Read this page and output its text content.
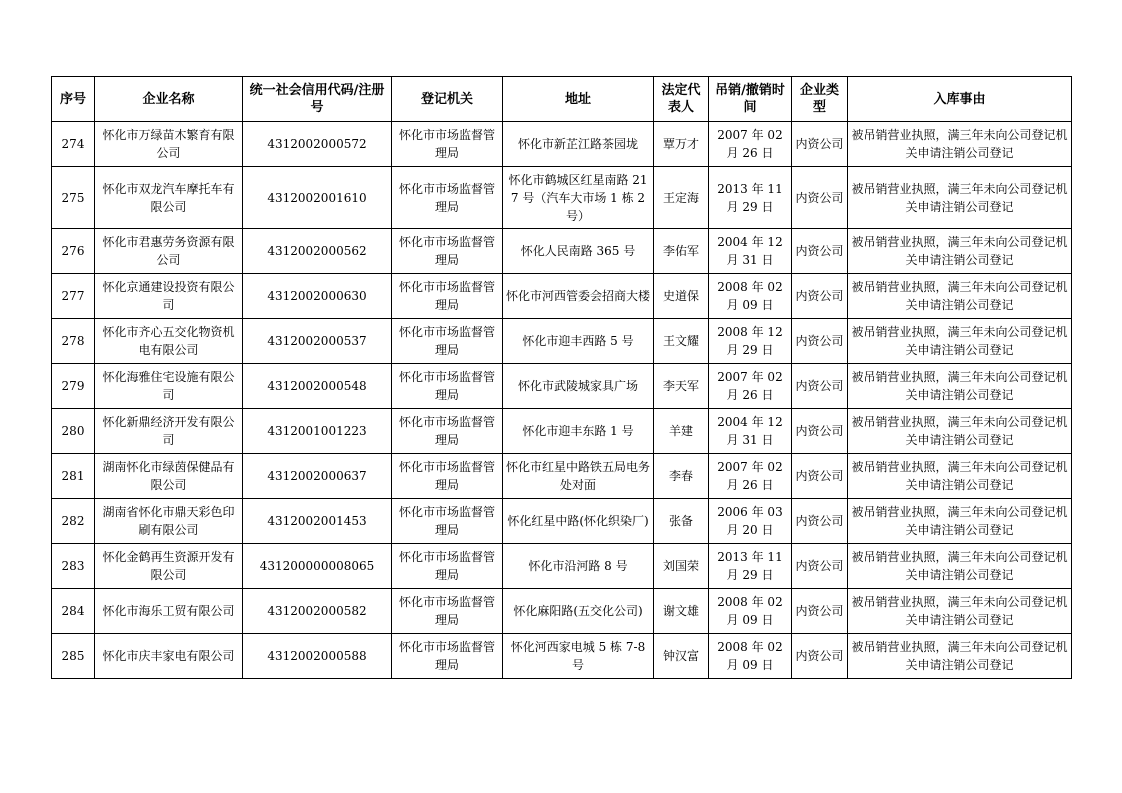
序号	企业名称	统一社会信用代码/注册号	登记机关	地址	法定代表人	吊销/撤销时间	企业类型	入库事由
274	怀化市万绿苗木繁育有限公司	4312002000572	怀化市市场监督管理局	怀化市新芷江路茶园垅	覃万才	2007 年 02 月 26 日	内资公司	被吊销营业执照，满三年未向公司登记机关申请注销公司登记
275	怀化市双龙汽车摩托车有限公司	4312002001610	怀化市市场监督管理局	怀化市鹤城区红星南路 217 号（汽车大市场 1 栋 2 号）	王定海	2013 年 11 月 29 日	内资公司	被吊销营业执照，满三年未向公司登记机关申请注销公司登记
276	怀化市君惠劳务资源有限公司	4312002000562	怀化市市场监督管理局	怀化人民南路 365 号	李佑军	2004 年 12 月 31 日	内资公司	被吊销营业执照，满三年未向公司登记机关申请注销公司登记
277	怀化京通建设投资有限公司	4312002000630	怀化市市场监督管理局	怀化市河西管委会招商大楼	史道保	2008 年 02 月 09 日	内资公司	被吊销营业执照，满三年未向公司登记机关申请注销公司登记
278	怀化市齐心五交化物资机电有限公司	4312002000537	怀化市市场监督管理局	怀化市迎丰西路 5 号	王文耀	2008 年 12 月 29 日	内资公司	被吊销营业执照，满三年未向公司登记机关申请注销公司登记
279	怀化海雅住宅设施有限公司	4312002000548	怀化市市场监督管理局	怀化市武陵城家具广场	李天军	2007 年 02 月 26 日	内资公司	被吊销营业执照，满三年未向公司登记机关申请注销公司登记
280	怀化新鼎经济开发有限公司	4312001001223	怀化市市场监督管理局	怀化市迎丰东路 1 号	羊建	2004 年 12 月 31 日	内资公司	被吊销营业执照，满三年未向公司登记机关申请注销公司登记
281	湖南怀化市绿茵保健品有限公司	4312002000637	怀化市市场监督管理局	怀化市红星中路铁五局电务处对面	李春	2007 年 02 月 26 日	内资公司	被吊销营业执照，满三年未向公司登记机关申请注销公司登记
282	湖南省怀化市鼎天彩色印刷有限公司	4312002001453	怀化市市场监督管理局	怀化红星中路(怀化织染厂)	张备	2006 年 03 月 20 日	内资公司	被吊销营业执照，满三年未向公司登记机关申请注销公司登记
283	怀化金鹤再生资源开发有限公司	431200000008065	怀化市市场监督管理局	怀化市沿河路 8 号	刘国荣	2013 年 11 月 29 日	内资公司	被吊销营业执照，满三年未向公司登记机关申请注销公司登记
284	怀化市海乐工贸有限公司	4312002000582	怀化市市场监督管理局	怀化麻阳路(五交化公司)	谢文雄	2008 年 02 月 09 日	内资公司	被吊销营业执照，满三年未向公司登记机关申请注销公司登记
285	怀化市庆丰家电有限公司	4312002000588	怀化市市场监督管理局	怀化河西家电城 5 栋 7-8 号	钟汉富	2008 年 02 月 09 日	内资公司	被吊销营业执照，满三年未向公司登记机关申请注销公司登记
